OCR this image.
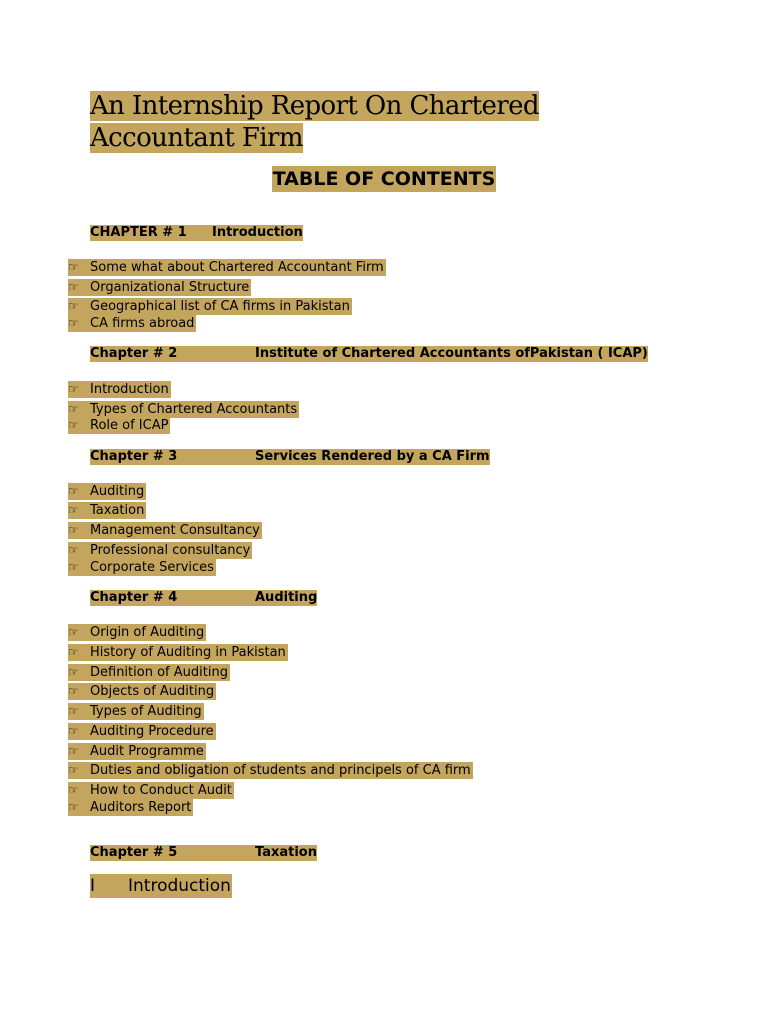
An Internship Report On Chartered Accountant Firm
TABLE OF CONTENTS
CHAPTER # 1 Introduction
☞ Some what about Chartered Accountant Firm
☞ Organizational Structure
☞ Geographical list of CA firms in Pakistan
☞ CA firms abroad
Chapter # 2	Institute of Chartered Accountants ofPakistan ( ICAP)
☞ Introduction
☞ Types of Chartered Accountants
☞ Role of ICAP
Chapter # 3	Services Rendered by a CA Firm
☞ Auditing
☞ Taxation
☞ Management Consultancy
☞ Professional consultancy
☞ Corporate Services
Chapter # 4	Auditing
☞ Origin of Auditing
☞ History of Auditing in Pakistan
☞ Definition of Auditing
☞ Objects of Auditing
☞ Types of Auditing
☞ Auditing Procedure
☞ Audit Programme
☞ Duties and obligation of students and principels of CA firm
☞ How to Conduct Audit
☞ Auditors Report
Chapter # 5	Taxation
I Introduction
